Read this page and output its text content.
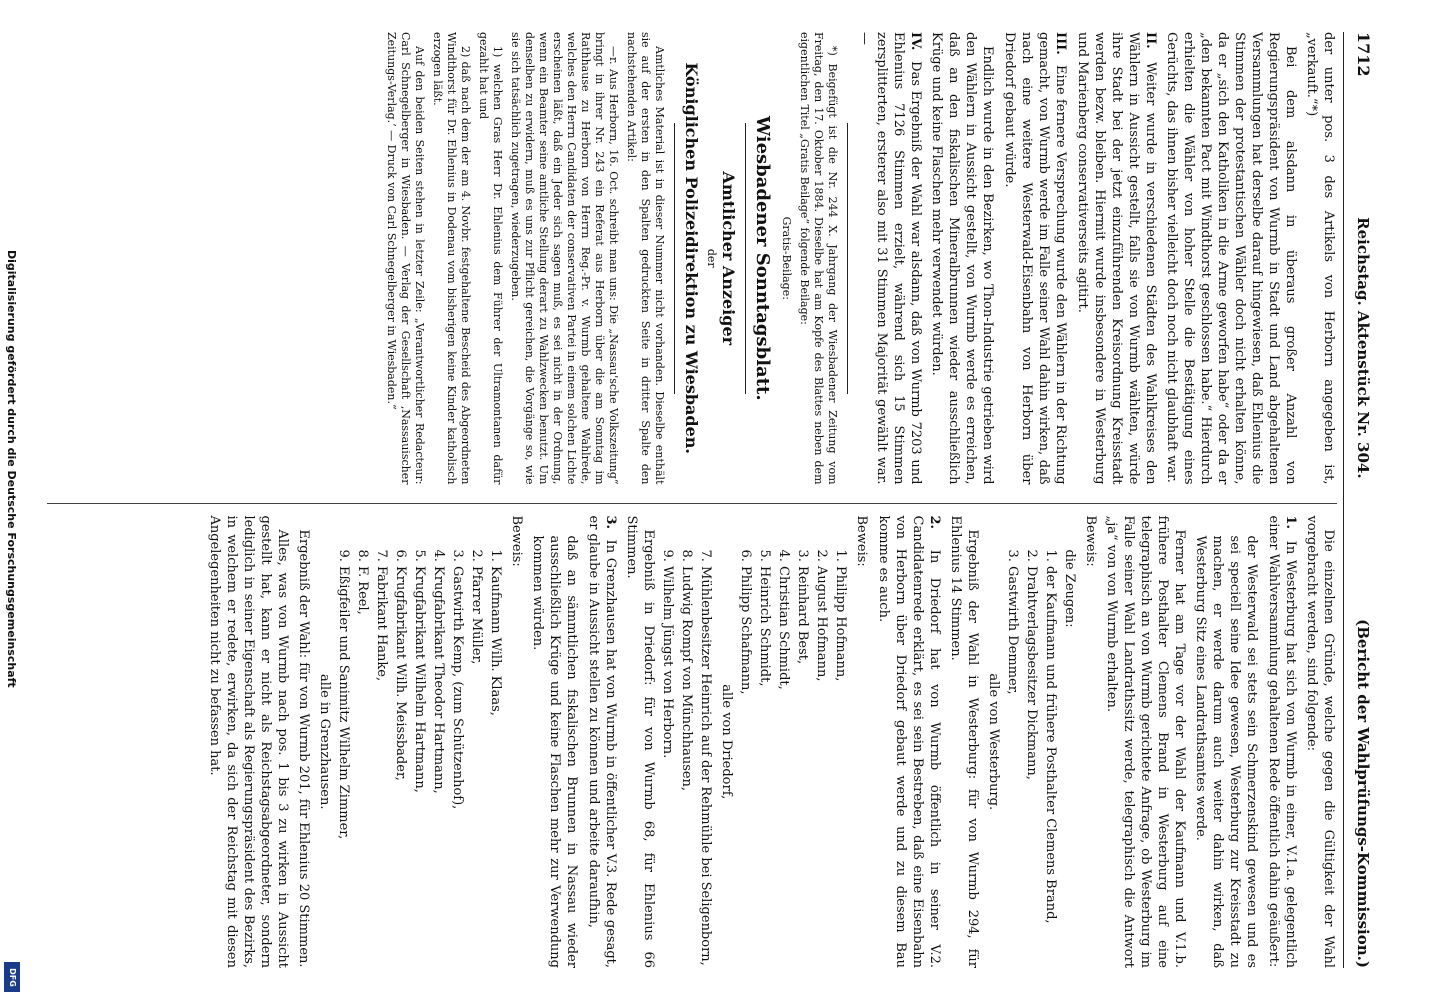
1712
Reichstag. Aktenstück Nr. 304.
(Bericht der Wahlprüfungs-Kommission.)

der unter pos. 3 des Artikels von Herborn angegeben ist, „verkauft.“*)

Bei dem alsdann in überaus großer Anzahl von Regierungspräsident von Wurmb in Stadt und Land abgehaltenen Versammlungen hat derselbe darauf hingewiesen, daß Ehlenius die Stimmen der protestantischen Wähler doch nicht erhalten könne, da er „sich den Katholiken in die Arme geworfen habe“ oder da er „den bekannten Pact mit Windthorst geschlossen habe.“ Hierdurch erhielten die Wähler von hoher Stelle die Bestätigung eines Gerüchts, das ihnen bisher vielleicht doch noch nicht glaubhaft war.

II. Weiter wurde in verschiedenen Städten des Wahlkreises den Wählern in Aussicht gestellt, falls sie von Wurmb wählten, würde ihre Stadt bei der jetzt einzuführenden Kreisordnung Kreisstadt werden bezw. bleiben. Hiermit wurde insbesondere in Westerburg und Marienberg conservativerseits agitirt.
III. Eine fernere Versprechung wurde den Wählern in der Richtung gemacht, von Wurmb werde im Falle seiner Wahl dahin wirken, daß nach eine weitere Westerwald-Eisenbahn von Herborn über Driedorf gebaut würde.

Endlich wurde in den Bezirken, wo Thon-Industrie getrieben wird den Wählern in Aussicht gestellt, von Wurmb werde es erreichen, daß an den fiskalischen Mineralbrunnen wieder ausschließlich Krüge und keine Flaschen mehr verwendet würden.

IV. Das Ergebniß der Wahl war alsdann, daß von Wurmb 7203 und Ehlenius 7126 Stimmen erzielt, während sich 15 Stimmen zersplitterten, ersterer also mit 31 Stimmen Majorität gewählt war. —

*) Beigefügt ist die Nr. 244 X. Jahrgang der Wiesbadener Zeitung vom Freitag, den 17. Oktober 1884. Dieselbe hat am Kopfe des Blattes neben dem eigentlichen Titel „Gratis Beilage“ folgende Beilage:

Gratis-Beilage:

Wiesbadener Sonntagsblatt.
Amtlicher Anzeiger

der

Königlichen Polizeidirektion zu Wiesbaden.

Amtliches Material ist in dieser Nummer nicht vorhanden. Dieselbe enthält sie auf der ersten in den Spalten gedruckten Seite in dritter Spalte den nachstehenden Artikel:

—r. Aus Herborn, 16. Oct. schreibt man uns: Die „Nassau'sche Volkszeitung“ bringt in ihrer Nr. 243 ein Referat aus Herborn über die am Sonntag im Rathhause zu Herborn von Herrn Reg.-Pr. v. Wurmb gehaltene Wahlrede, welches den Herrn Candidaten der conservativen Partei in einem solchen Lichte erscheinen läßt, daß ein Jeder sich sagen muß, es sei nicht in der Ordnung, wenn ein Beamter seine amtliche Stellung derart zu Wahlzwecken benutzt. Um denselben zu erwidern, muß es uns zur Pflicht gereichen, die Vorgänge so, wie sie sich tatsächlich zugetragen, wiederzugeben.

1) welchen Gras Herr Dr. Ehlenius dem Führer der Ultramontanen dafür gezahlt hat und

2) daß nach dem der am 4. Novbr. festgehaltene Bescheid des Abgeordneten Windthorst für Dr. Ehlenius in Dodenau vom bisherigen keine Kinder katholisch erzogen läßt.

Auf den beiden Seiten stehen in letzter Zeile: „Verantwortlicher Redacteur: Carl Schnegelberger in Wiesbaden. — Verlag der Gesellschaft ‚Nassauischer Zeitungs-Verlag.‘ — Druck von Carl Schnegelberger in Wiesbaden.“

Die einzelnen Gründe, welche gegen die Gültigkeit der Wahl vorgebracht werden, sind folgende:

1. In Westerburg hat sich von Wurmb in einer, V.1.a. gelegentlich einer Wahlversammlung gehaltenen Rede öffentlich dahin geäußert:

der Westerwald sei stets sein Schmerzenskind gewesen und es sei speciell seine Idee gewesen, Westerburg zur Kreisstadt zu machen, er werde darum auch weiter dahin wirken, daß Westerburg Sitz eines Landrathsamtes werde.

Ferner hat am Tage vor der Wahl der Kaufmann und V.1.b. frühere Posthalter Clemens Brand in Westerburg auf eine telegraphisch an von Wurmb gerichtete Anfrage, ob Westerburg im Falle seiner Wahl Landrathssitz werde, telegraphisch die Antwort „ja“ von von Wurmb erhalten.

Beweis:

die Zeugen:

1. der Kaufmann und frühere Posthalter Clemens Brand,

2. Drahtverlagsbesitzer Dickmann,

3. Gastwirth Demmer,

alle von Westerburg.

Ergebniß der Wahl in Westerburg: für von Wurmb 294, für Ehlenius 14 Stimmen.

2. In Driedorf hat von Wurmb öffentlich in seiner V.2. Candidatenrede erklärt, es sei sein Bestreben, daß eine Eisenbahn von Herborn über Driedorf gebaut werde und zu diesem Bau komme es auch.

Beweis:

1. Philipp Hofmann,

2. August Hofmann,

3. Reinhard Best,

4. Christian Schmidt,

5. Heinrich Schmidt,

6. Philipp Schafmann,

alle von Driedorf,

7. Mühlenbesitzer Heinrich auf der Rehmühle bei Seligenborn,

8. Ludwig Rompf von Münchhausen,

9. Wilhelm Jüngst von Herborn.

Ergebniß in Driedorf: für von Wurmb 68, für Ehlenius 66 Stimmen.

3. In Grenzhausen hat von Wurmb in öffentlicher V.3. Rede gesagt, er glaube in Aussicht stellen zu können und arbeite daraufhin,

daß an sämmtlichen fiskalischen Brunnen in Nassau wieder ausschließlich Krüge und keine Flaschen mehr zur Verwendung kommen würden.

Beweis:

1. Kaufmann Wilh. Klaas,

2. Pfarrer Müller,

3. Gastwirth Kemp, (zum Schützenhof),

4. Krugfabrikant Theodor Hartmann,

5. Krugfabrikant Wilhelm Hartmann,

6. Krugfabrikant Wilh. Meissbader,

7. Fabrikant Hanke,

8. F. Reel,

9. Eßigfeiler und Sanimitz Wilhelm Zimmer,

alle in Grenzhausen.

Ergebniß der Wahl: für von Wurmb 201, für Ehlenius 20 Stimmen.

Alles, was von Wurmb nach pos. 1 bis 3 zu wirken in Aussicht gestellt hat, kann er nicht als Reichstagsabgeordneter, sondern lediglich in seiner Eigenschaft als Regierungspräsident des Bezirks, in welchem er redete, erwirken, da sich der Reichstag mit diesen Angelegenheiten nicht zu befassen hat.

Digitalisierung gefördert durch die Deutsche Forschungsgemeinschaft
DFG
